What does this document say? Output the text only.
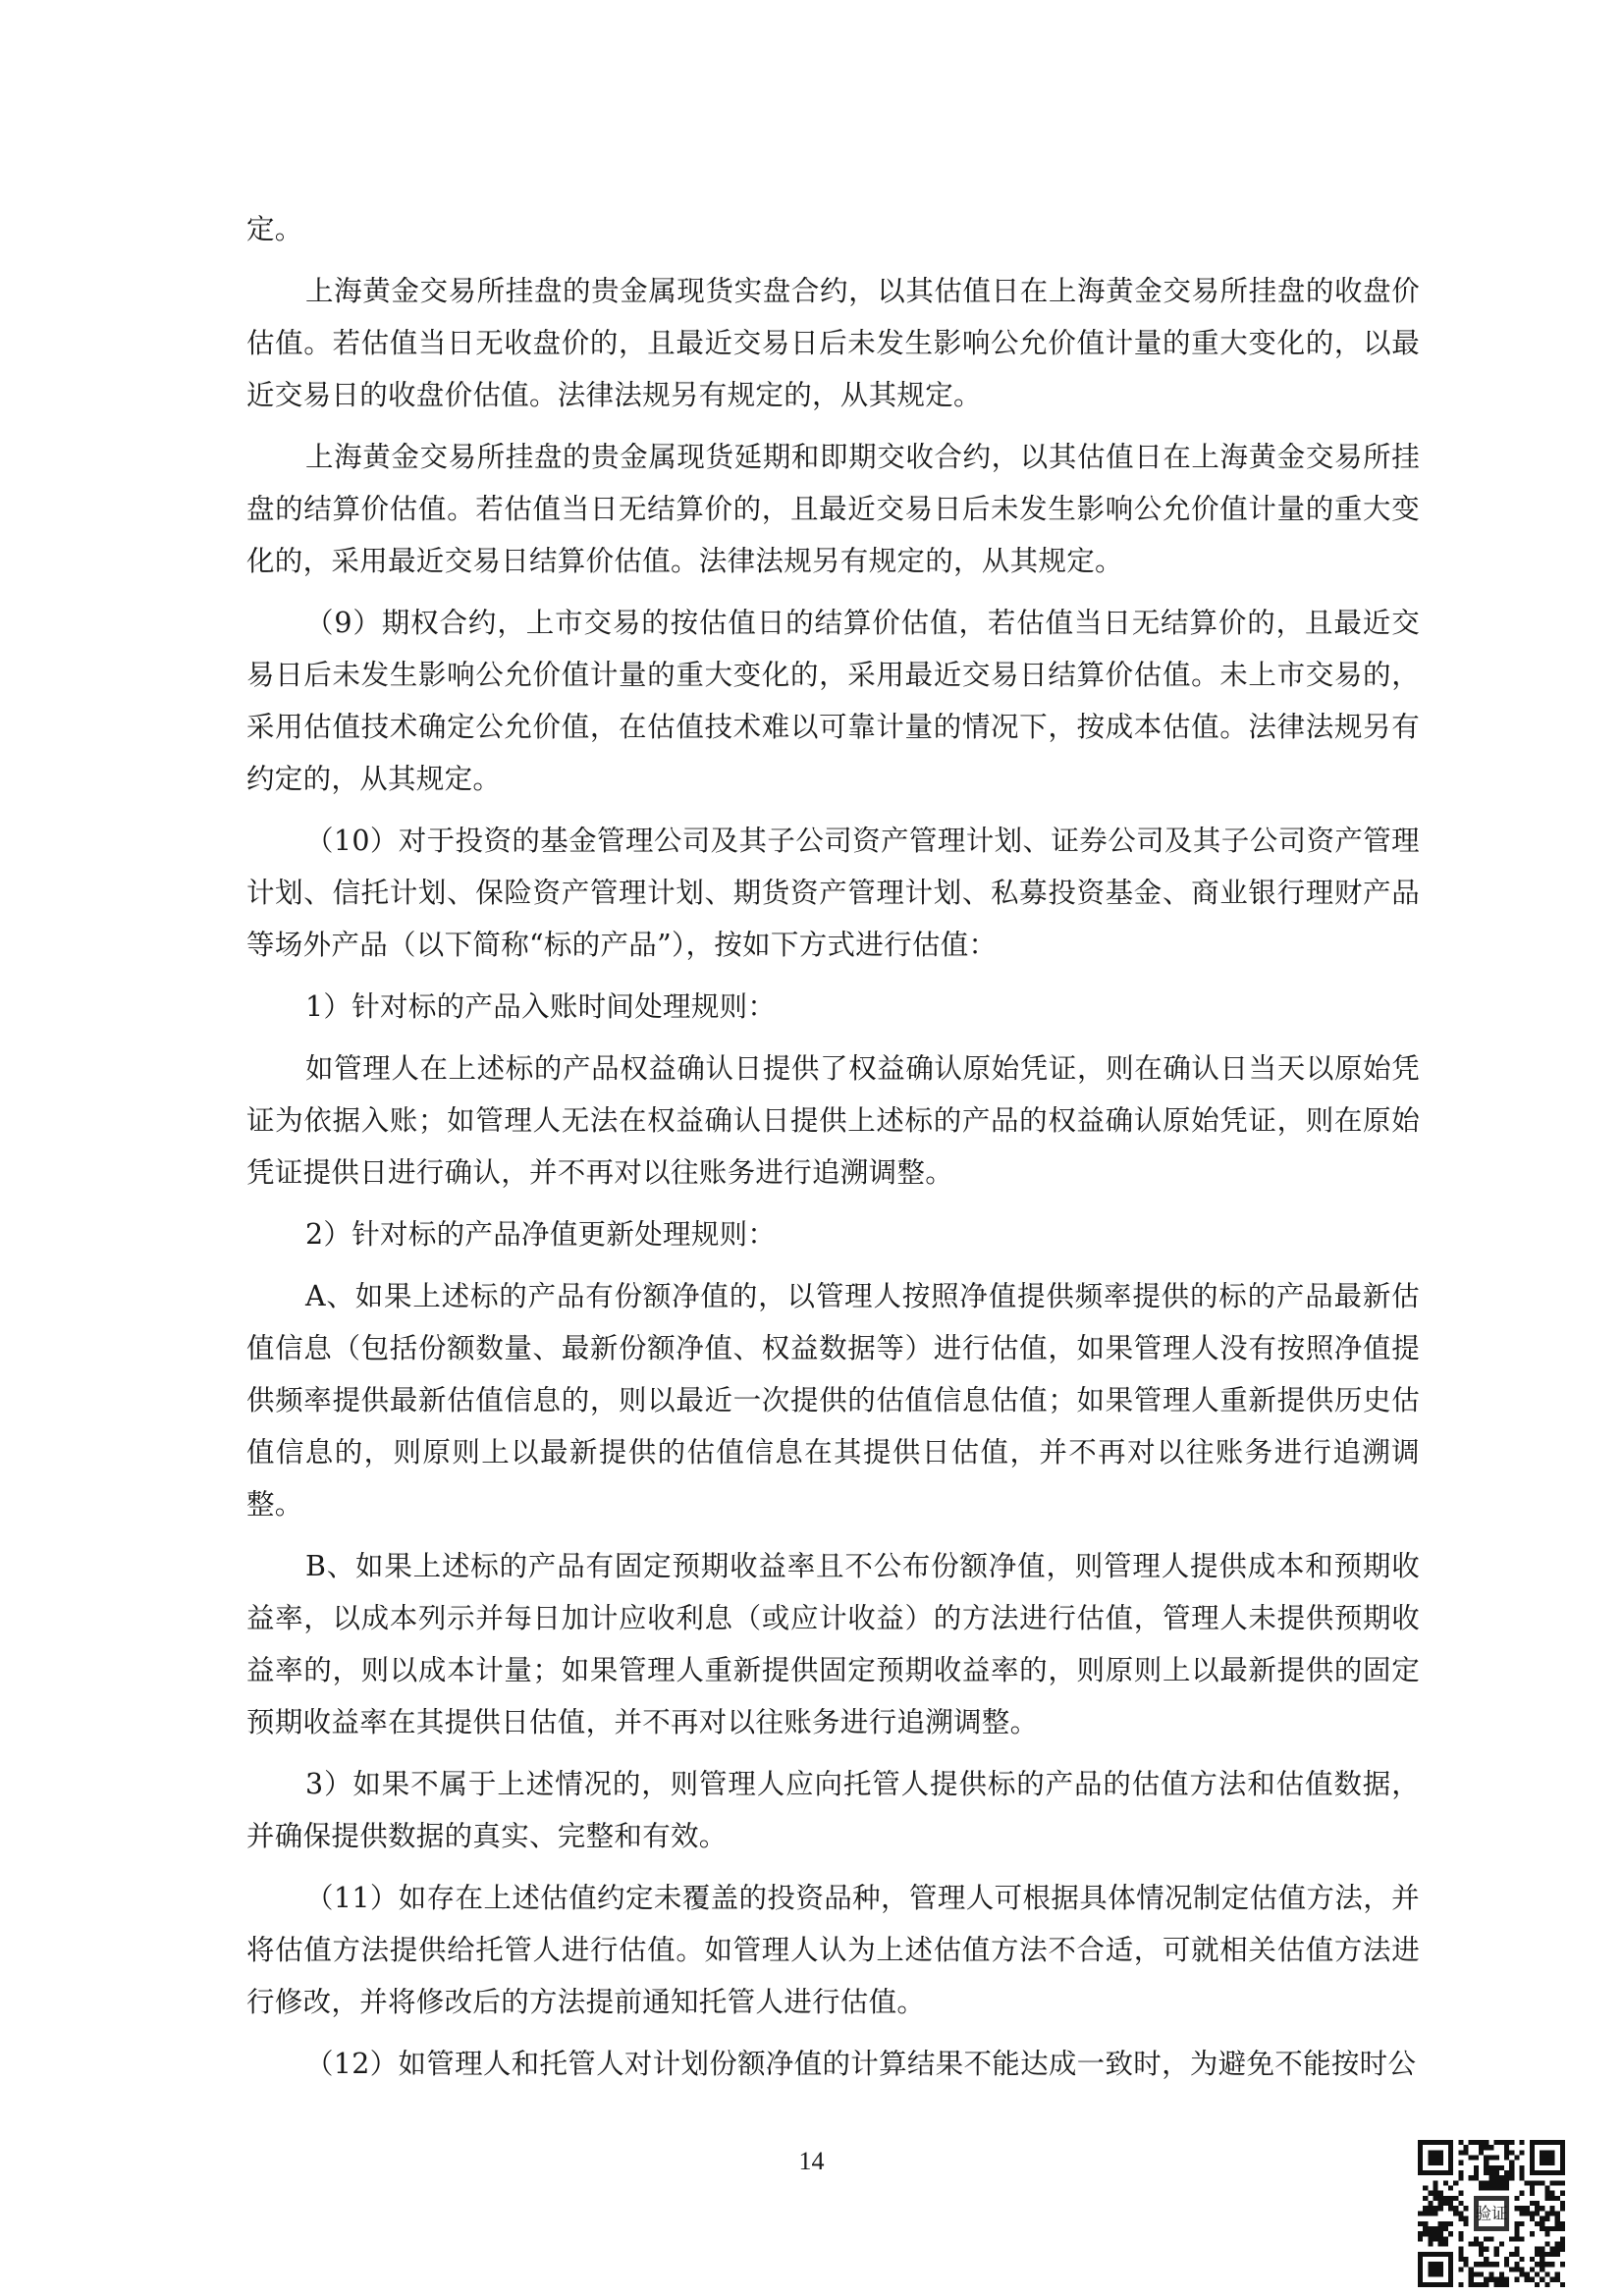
定。

上海黄金交易所挂盘的贵金属现货实盘合约，以其估值日在上海黄金交易所挂盘的收盘价估值。若估值当日无收盘价的，且最近交易日后未发生影响公允价值计量的重大变化的，以最近交易日的收盘价估值。法律法规另有规定的，从其规定。

上海黄金交易所挂盘的贵金属现货延期和即期交收合约，以其估值日在上海黄金交易所挂盘的结算价估值。若估值当日无结算价的，且最近交易日后未发生影响公允价值计量的重大变化的，采用最近交易日结算价估值。法律法规另有规定的，从其规定。

（9）期权合约，上市交易的按估值日的结算价估值，若估值当日无结算价的，且最近交易日后未发生影响公允价值计量的重大变化的，采用最近交易日结算价估值。未上市交易的，采用估值技术确定公允价值，在估值技术难以可靠计量的情况下，按成本估值。法律法规另有约定的，从其规定。

（10）对于投资的基金管理公司及其子公司资产管理计划、证券公司及其子公司资产管理计划、信托计划、保险资产管理计划、期货资产管理计划、私募投资基金、商业银行理财产品等场外产品（以下简称“标的产品”），按如下方式进行估值：

1）针对标的产品入账时间处理规则：

如管理人在上述标的产品权益确认日提供了权益确认原始凭证，则在确认日当天以原始凭证为依据入账；如管理人无法在权益确认日提供上述标的产品的权益确认原始凭证，则在原始凭证提供日进行确认，并不再对以往账务进行追溯调整。

2）针对标的产品净值更新处理规则：

A、如果上述标的产品有份额净值的，以管理人按照净值提供频率提供的标的产品最新估值信息（包括份额数量、最新份额净值、权益数据等）进行估值，如果管理人没有按照净值提供频率提供最新估值信息的，则以最近一次提供的估值信息估值；如果管理人重新提供历史估值信息的，则原则上以最新提供的估值信息在其提供日估值，并不再对以往账务进行追溯调整。

B、如果上述标的产品有固定预期收益率且不公布份额净值，则管理人提供成本和预期收益率，以成本列示并每日加计应收利息（或应计收益）的方法进行估值，管理人未提供预期收益率的，则以成本计量；如果管理人重新提供固定预期收益率的，则原则上以最新提供的固定预期收益率在其提供日估值，并不再对以往账务进行追溯调整。

3）如果不属于上述情况的，则管理人应向托管人提供标的产品的估值方法和估值数据，并确保提供数据的真实、完整和有效。

（11）如存在上述估值约定未覆盖的投资品种，管理人可根据具体情况制定估值方法，并将估值方法提供给托管人进行估值。如管理人认为上述估值方法不合适，可就相关估值方法进行修改，并将修改后的方法提前通知托管人进行估值。

（12）如管理人和托管人对计划份额净值的计算结果不能达成一致时，为避免不能按时公

14
验证
